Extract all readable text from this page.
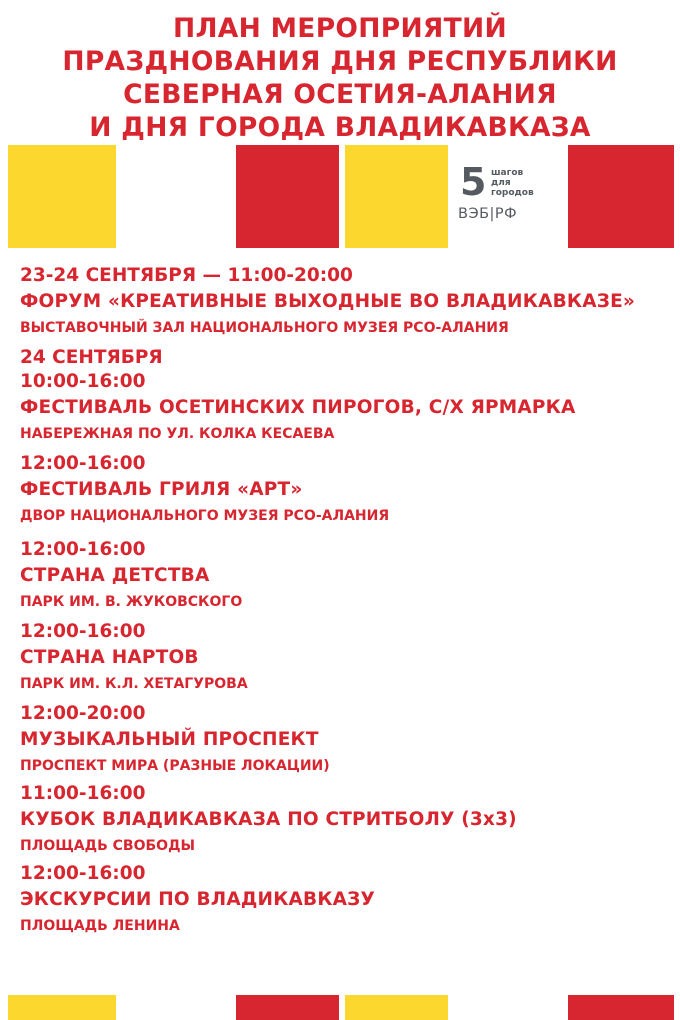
ПЛАН МЕРОПРИЯТИЙ
ПРАЗДНОВАНИЯ ДНЯ РЕСПУБЛИКИ
СЕВЕРНАЯ ОСЕТИЯ-АЛАНИЯ
И ДНЯ ГОРОДА ВЛАДИКАВКАЗА
5 шагов
для
городов
ВЭБ|РФ
23-24 СЕНТЯБРЯ — 11:00-20:00
ФОРУМ «КРЕАТИВНЫЕ ВЫХОДНЫЕ ВО ВЛАДИКАВКАЗЕ»
ВЫСТАВОЧНЫЙ ЗАЛ НАЦИОНАЛЬНОГО МУЗЕЯ РСО-АЛАНИЯ
24 СЕНТЯБРЯ
10:00-16:00
ФЕСТИВАЛЬ ОСЕТИНСКИХ ПИРОГОВ, С/Х ЯРМАРКА
НАБЕРЕЖНАЯ ПО УЛ. КОЛКА КЕСАЕВА
12:00-16:00
ФЕСТИВАЛЬ ГРИЛЯ «АРТ»
ДВОР НАЦИОНАЛЬНОГО МУЗЕЯ РСО-АЛАНИЯ
12:00-16:00
СТРАНА ДЕТСТВА
ПАРК ИМ. В. ЖУКОВСКОГО
12:00-16:00
СТРАНА НАРТОВ
ПАРК ИМ. К.Л. ХЕТАГУРОВА
12:00-20:00
МУЗЫКАЛЬНЫЙ ПРОСПЕКТ
ПРОСПЕКТ МИРА (РАЗНЫЕ ЛОКАЦИИ)
11:00-16:00
КУБОК ВЛАДИКАВКАЗА ПО СТРИТБОЛУ (3х3)
ПЛОЩАДЬ СВОБОДЫ
12:00-16:00
ЭКСКУРСИИ ПО ВЛАДИКАВКАЗУ
ПЛОЩАДЬ ЛЕНИНА
